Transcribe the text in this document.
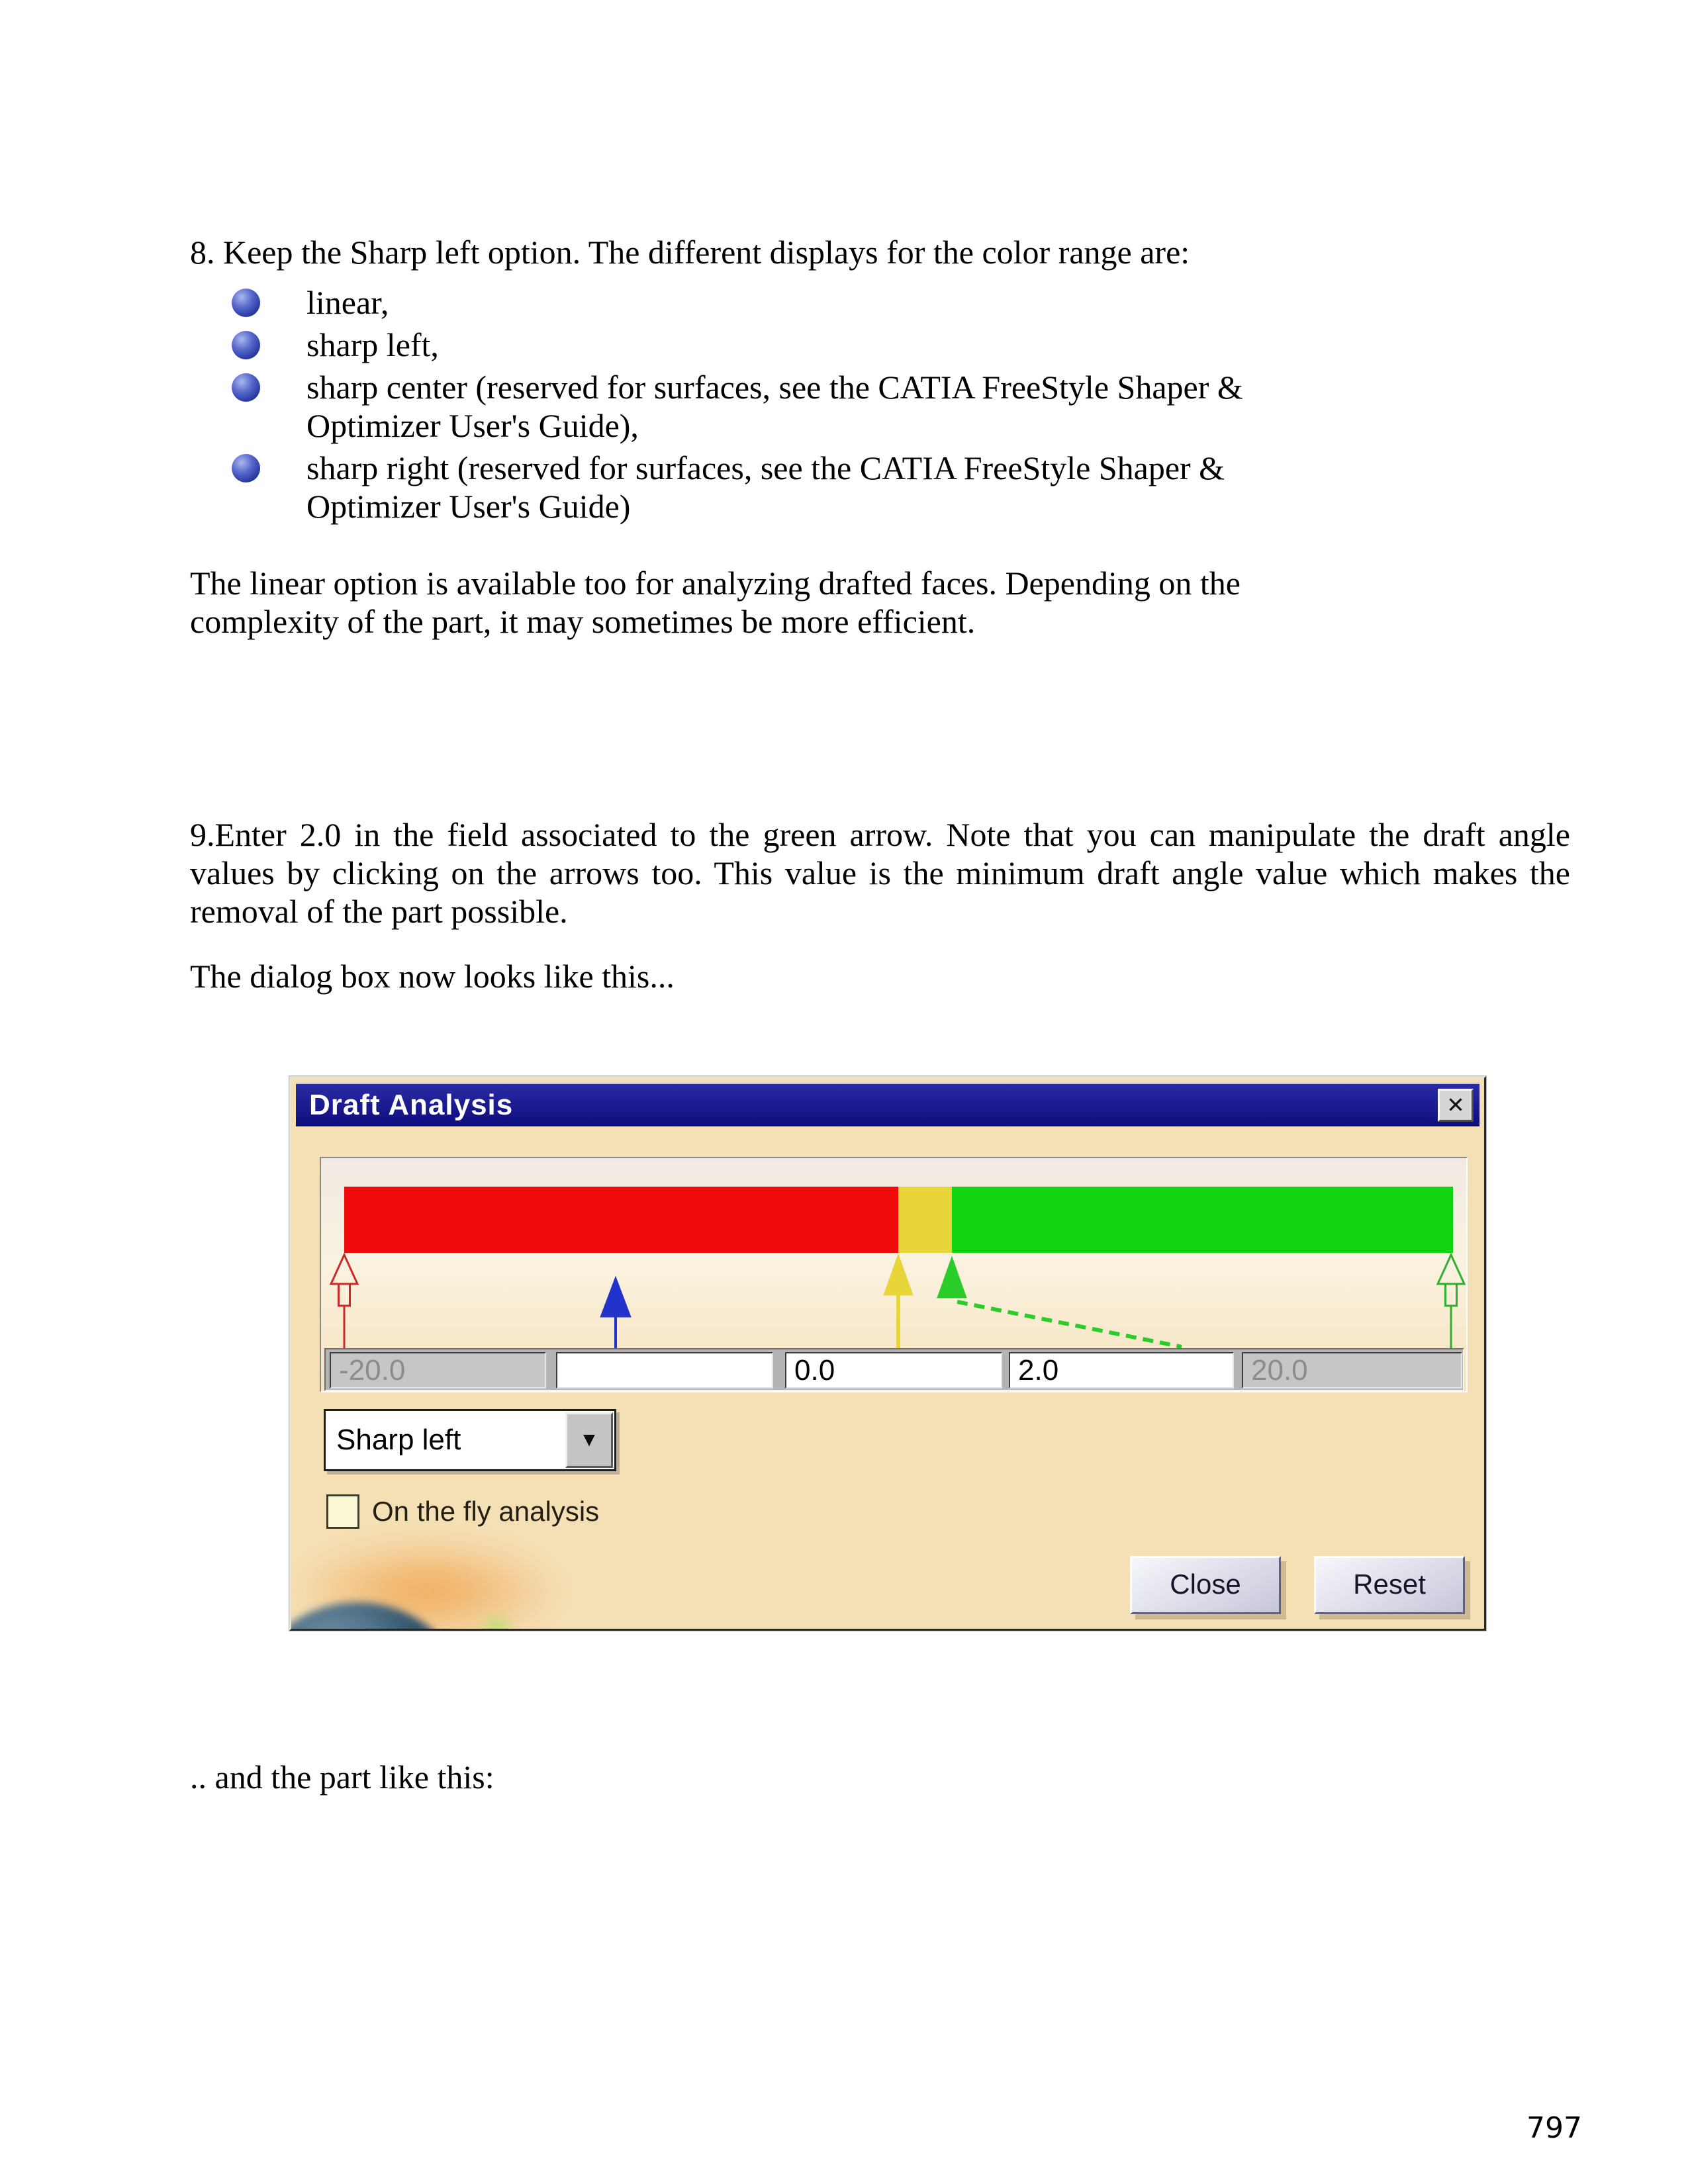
8. Keep the Sharp left option. The different displays for the color range are:
linear,
sharp left,
sharp center (reserved for surfaces, see the CATIA FreeStyle Shaper & Optimizer User's Guide),
sharp right (reserved for surfaces, see the CATIA FreeStyle Shaper & Optimizer User's Guide)
The linear option is available too for analyzing drafted faces. Depending on the complexity of the part, it may sometimes be more efficient.
9.Enter 2.0 in the field associated to the green arrow. Note that you can manipulate the draft angle values by clicking on the arrows too. This value is the minimum draft angle value which makes the removal of the part possible.
The dialog box now looks like this...
Draft Analysis	✕
-20.0
0.0
2.0
20.0
Sharp left	▼
On the fly analysis
Close	Reset
.. and the part like this:
797
